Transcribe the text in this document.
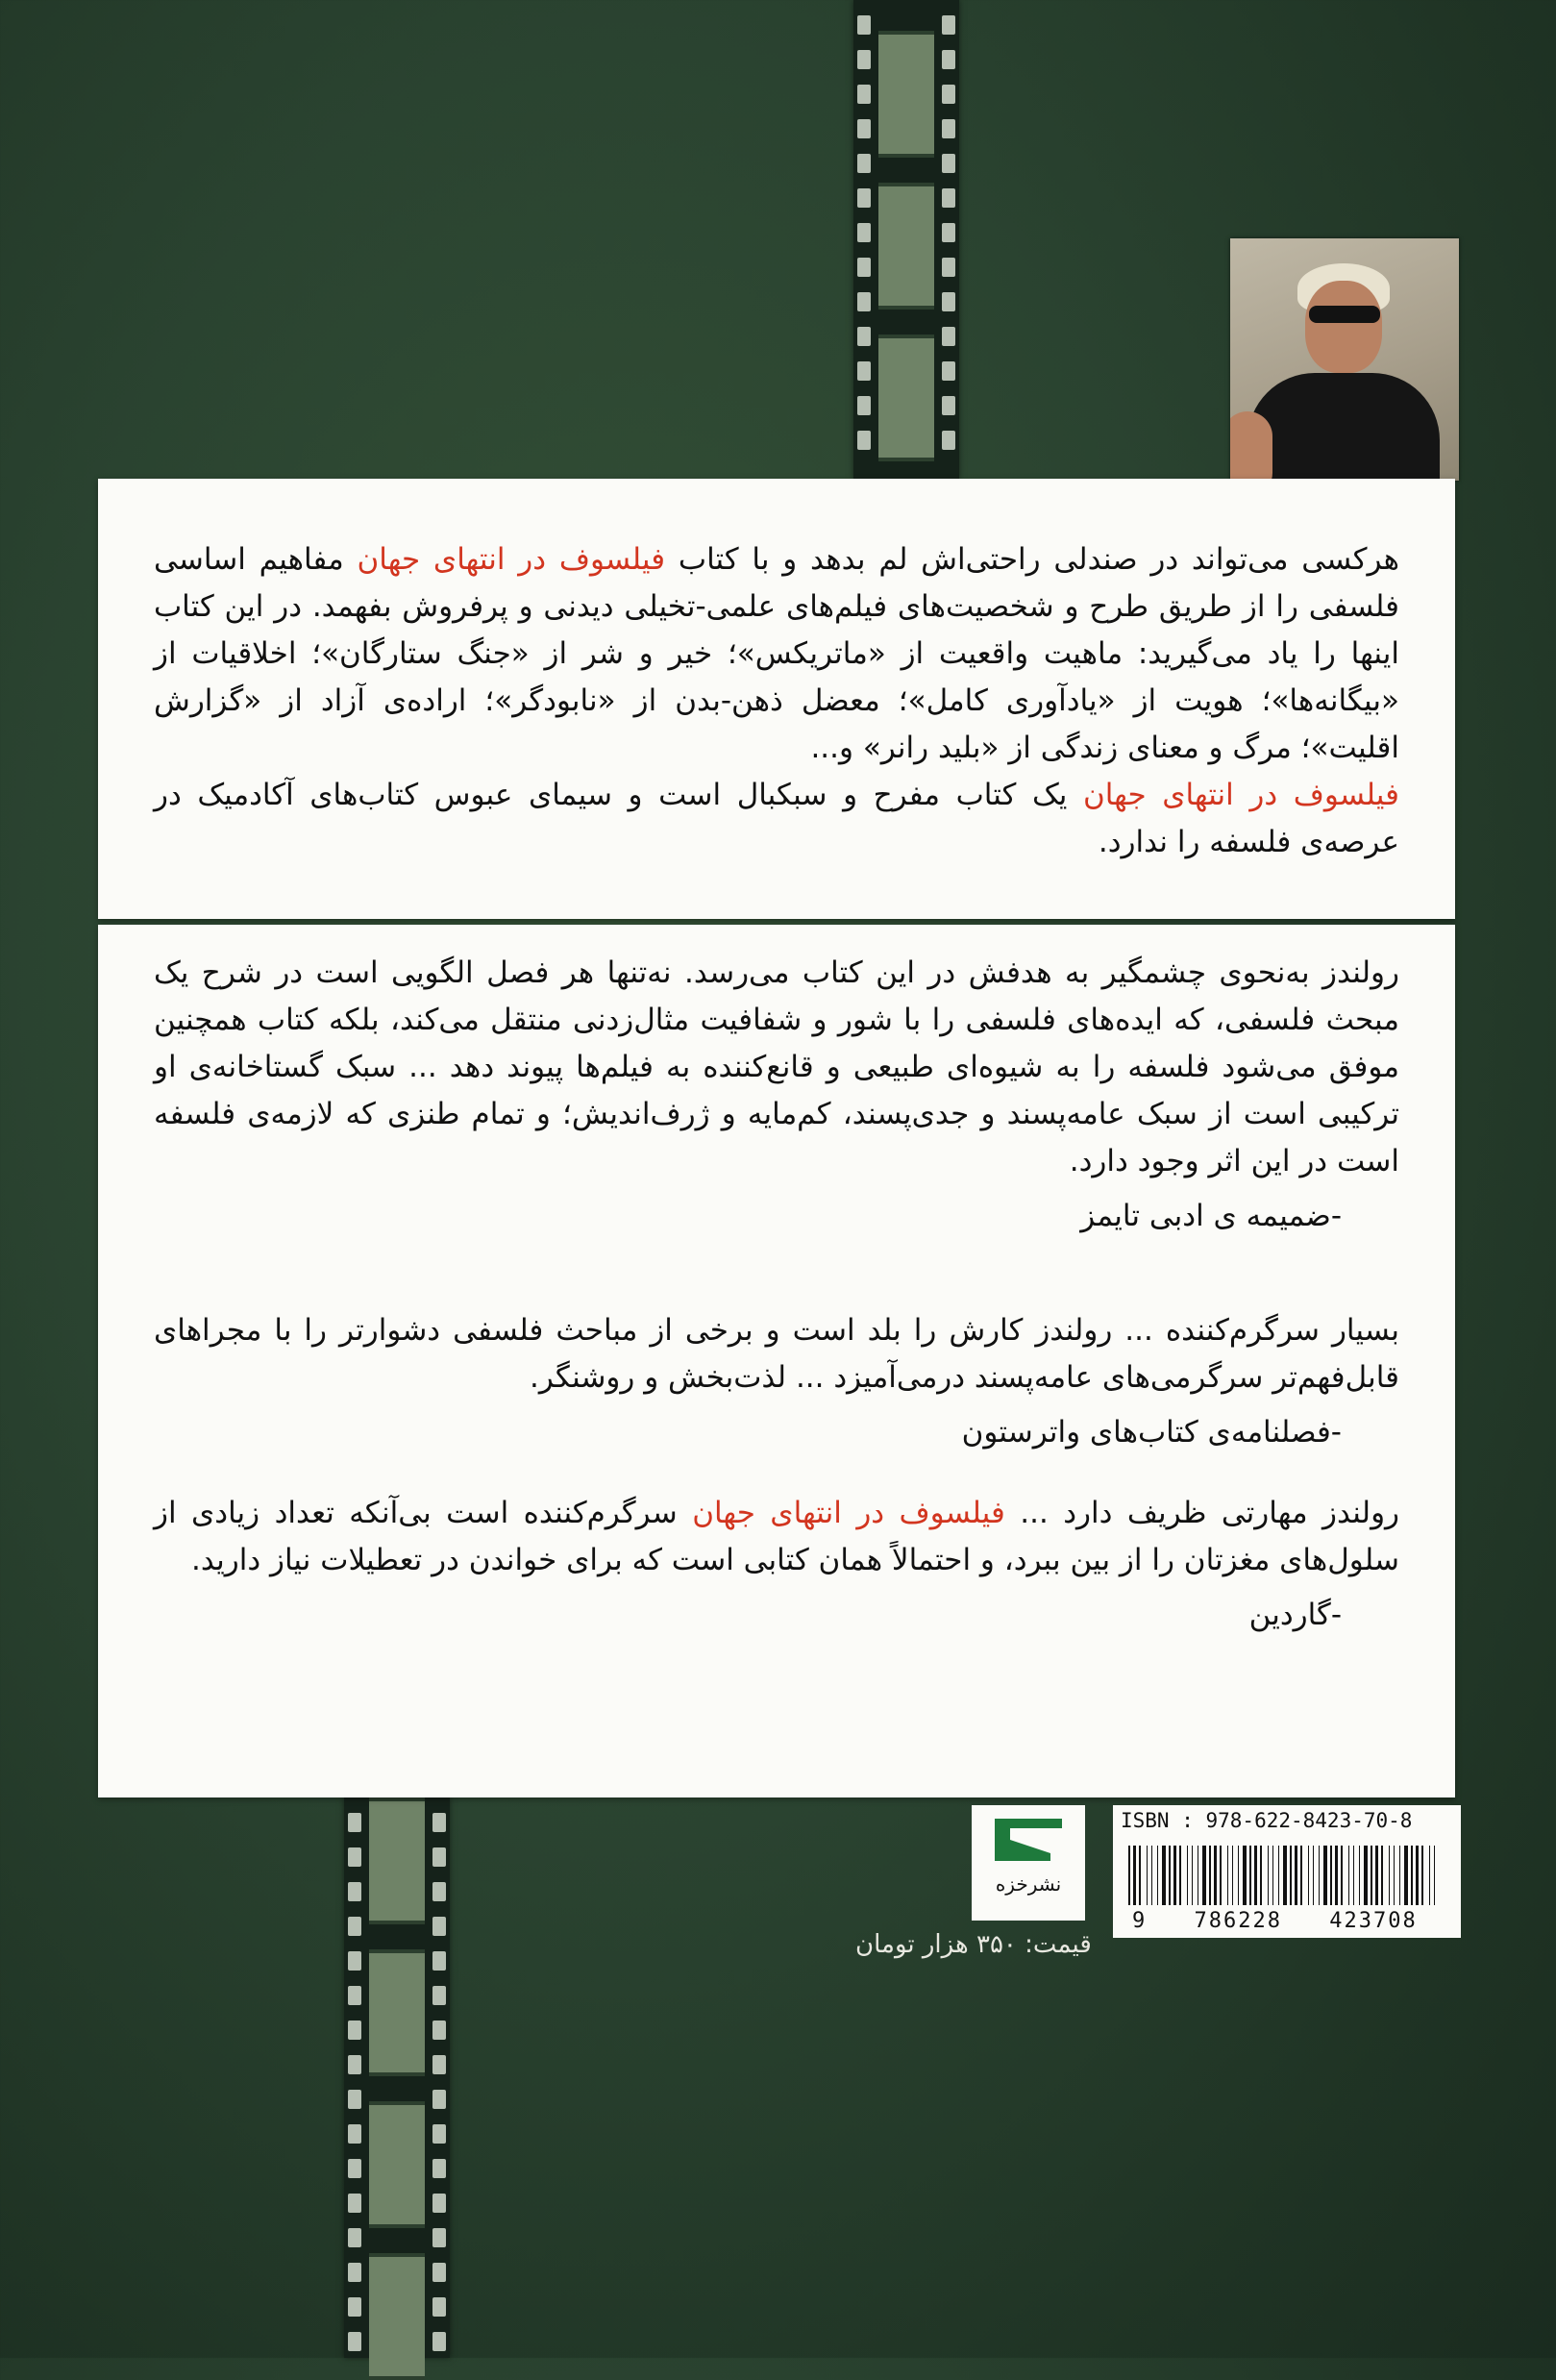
هرکسی می‌تواند در صندلی راحتی‌اش لم بدهد و با کتاب فیلسوف در انتهای جهان مفاهیم اساسی فلسفی را از طریق طرح و شخصیت‌های فیلم‌های علمی-تخیلی دیدنی و پرفروش بفهمد. در این کتاب اینها را یاد می‌گیرید: ماهیت واقعیت از «ماتریکس»؛ خیر و شر از «جنگ ستارگان»؛ اخلاقیات از «بیگانه‌ها»؛ هویت از «یادآوری کامل»؛ معضل ذهن-بدن از «نابودگر»؛ اراده‌ی آزاد از «گزارش اقلیت»؛ مرگ و معنای زندگی از «بلید رانر» و...
فیلسوف در انتهای جهان یک کتاب مفرح و سبکبال است و سیمای عبوس کتاب‌های آکادمیک در عرصه‌ی فلسفه را ندارد.
رولندز به‌نحوی چشمگیر به هدفش در این کتاب می‌رسد. نه‌تنها هر فصل الگویی است در شرح یک مبحث فلسفی، که ایده‌های فلسفی را با شور و شفافیت مثال‌زدنی منتقل می‌کند، بلکه کتاب همچنین موفق می‌شود فلسفه را به شیوه‌ای طبیعی و قانع‌کننده به فیلم‌ها پیوند دهد ... سبک گستاخانه‌ی او ترکیبی است از سبک عامه‌پسند و جدی‌پسند، کم‌مایه و ژرف‌اندیش؛ و تمام طنزی که لازمه‌ی فلسفه است در این اثر وجود دارد.
-ضمیمه ی ادبی تایمز
بسیار سرگرم‌کننده ... رولندز کارش را بلد است و برخی از مباحث فلسفی دشوارتر را با مجراهای قابل‌فهم‌تر سرگرمی‌های عامه‌پسند درمی‌آمیزد ... لذت‌بخش و روشنگر.
-فصلنامه‌ی کتاب‌های واترستون
رولندز مهارتی ظریف دارد ... فیلسوف در انتهای جهان سرگرم‌کننده است بی‌آنکه تعداد زیادی از سلول‌های مغزتان را از بین ببرد، و احتمالاً همان کتابی است که برای خواندن در تعطیلات نیاز دارید.
-گاردین
نشرخزه
ISBN : 978-622-8423-70-8
9 786228 423708
قیمت: ۳۵۰ هزار تومان
